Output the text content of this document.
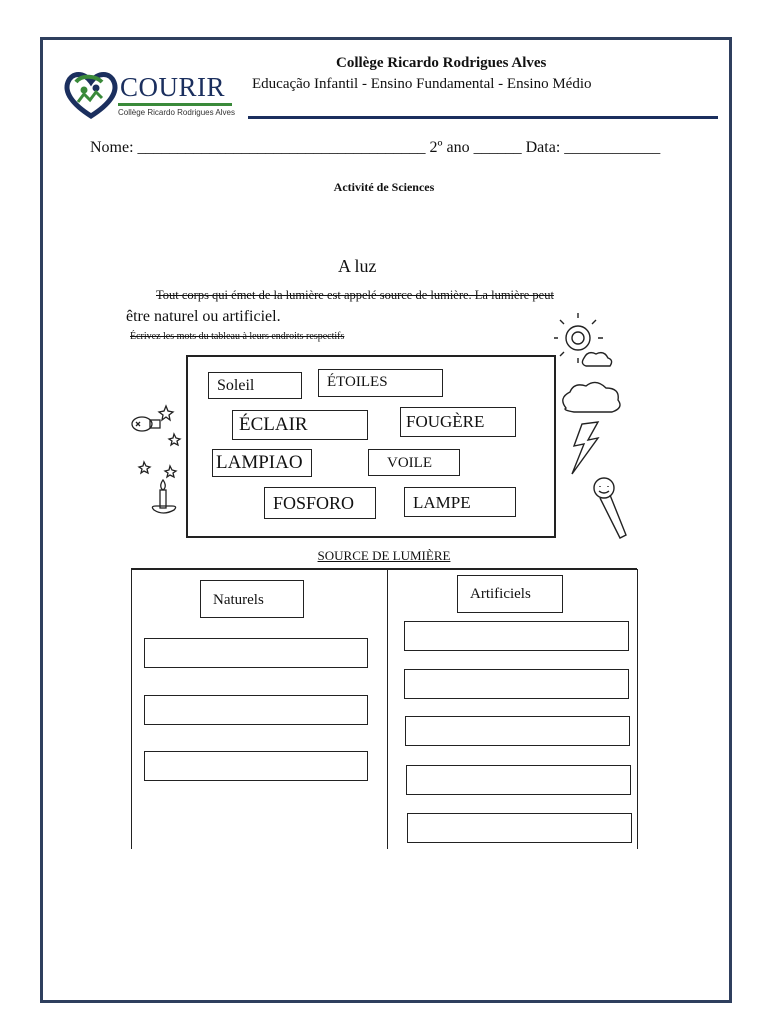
COURIR
Collège Ricardo Rodrigues Alves
Collège Ricardo Rodrigues Alves
Educação Infantil - Ensino Fundamental - Ensino Médio
Nome: ____________________________________ 2º ano ______ Data: ____________
Activité de Sciences
A luz
Tout corps qui émet de la lumière est appelé source de lumière. La lumière peut
être naturel ou artificiel.
Écrivez les mots du tableau à leurs endroits respectifs
Soleil	ÉTOILES
ÉCLAIR	FOUGÈRE
LAMPIAO	VOILE
FOSFORO	LAMPE
SOURCE DE LUMIÈRE
Naturels	Artificiels
